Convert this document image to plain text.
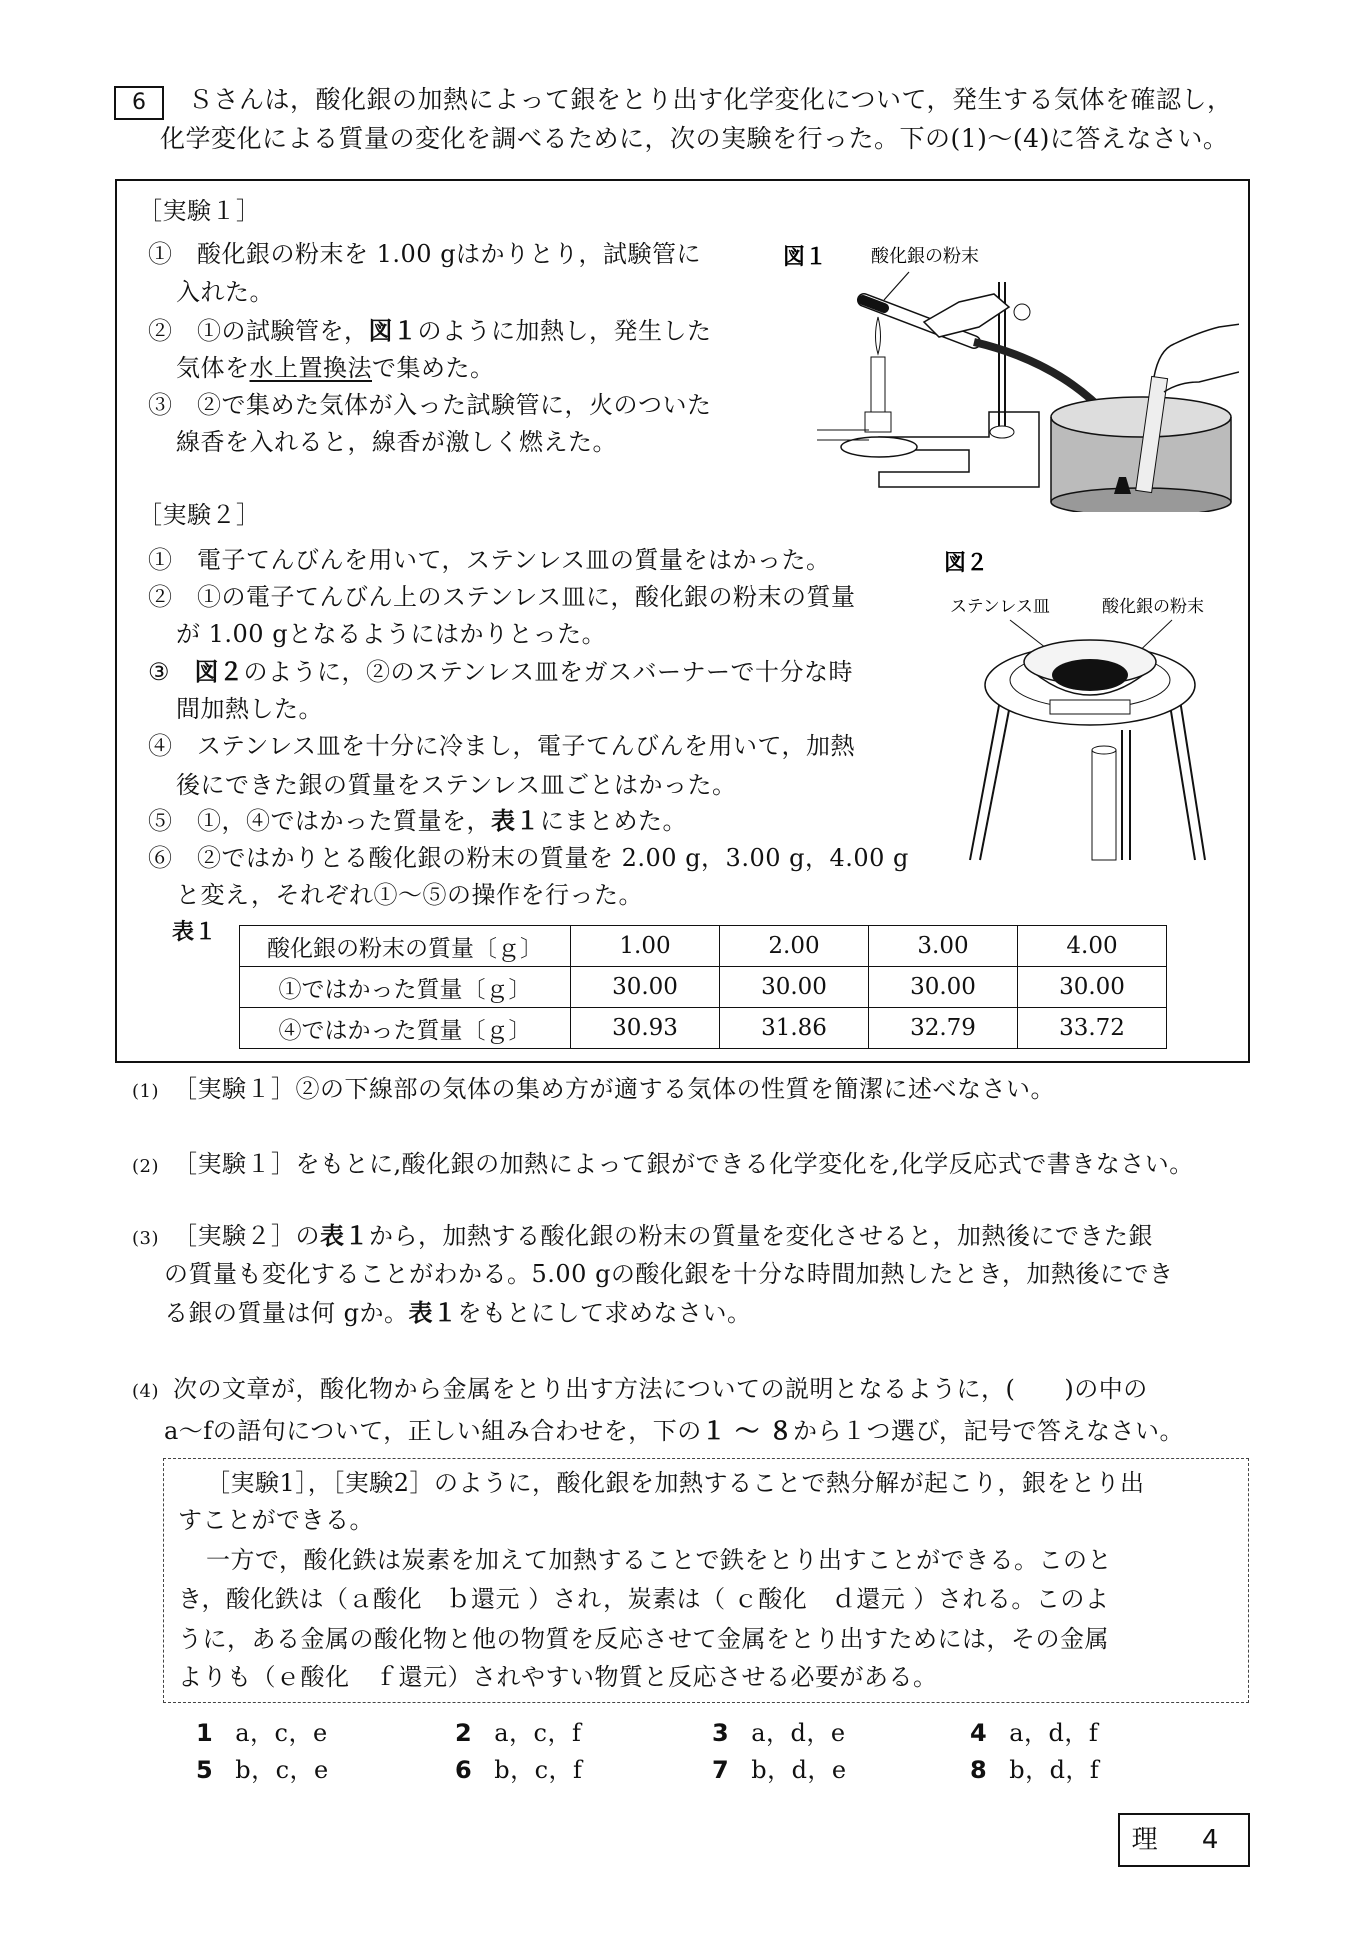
6	Ｓさんは，酸化銀の加熱によって銀をとり出す化学変化について，発生する気体を確認し，
化学変化による質量の変化を調べるために，次の実験を行った。下の(1)～(4)に答えなさい。
［実験１］
①　酸化銀の粉末を 1.00 gはかりとり，試験管に
入れた。
②　①の試験管を，図１のように加熱し，発生した
気体を水上置換法で集めた。
③　②で集めた気体が入った試験管に，火のついた
線香を入れると，線香が激しく燃えた。
図１ 酸化銀の粉末
［実験２］
①　電子てんびんを用いて，ステンレス皿の質量をはかった。
②　①の電子てんびん上のステンレス皿に，酸化銀の粉末の質量
が 1.00 gとなるようにはかりとった。
③　図２のように，②のステンレス皿をガスバーナーで十分な時
間加熱した。
④　ステンレス皿を十分に冷まし，電子てんびんを用いて，加熱
後にできた銀の質量をステンレス皿ごとはかった。
⑤　①，④ではかった質量を，表１にまとめた。
⑥　②ではかりとる酸化銀の粉末の質量を 2.00 g，3.00 g，4.00 g
と変え，それぞれ①～⑤の操作を行った。
図２
ステンレス皿	酸化銀の粉末
表１
酸化銀の粉末の質量〔ｇ〕	1.00	2.00	3.00	4.00
①ではかった質量〔ｇ〕	30.00	30.00	30.00	30.00
④ではかった質量〔ｇ〕	30.93	31.86	32.79	33.72
(1) ［実験１］②の下線部の気体の集め方が適する気体の性質を簡潔に述べなさい。
(2) ［実験１］をもとに,酸化銀の加熱によって銀ができる化学変化を,化学反応式で書きなさい。
(3) ［実験２］の表１から，加熱する酸化銀の粉末の質量を変化させると，加熱後にできた銀
の質量も変化することがわかる。5.00 gの酸化銀を十分な時間加熱したとき，加熱後にでき
る銀の質量は何 gか。表１をもとにして求めなさい。
(4) 次の文章が，酸化物から金属をとり出す方法についての説明となるように，(　　)の中の
a～fの語句について，正しい組み合わせを，下の１ ～ ８から１つ選び，記号で答えなさい。
［実験1］，［実験2］のように，酸化銀を加熱することで熱分解が起こり，銀をとり出
すことができる。
一方で，酸化鉄は炭素を加えて加熱することで鉄をとり出すことができる。このと
き，酸化鉄は（ａ酸化　ｂ還元 ）され，炭素は（ ｃ酸化　ｄ還元 ）される。このよ
うに，ある金属の酸化物と他の物質を反応させて金属をとり出すためには，その金属
よりも（ｅ酸化　ｆ還元）されやすい物質と反応させる必要がある。
1 a，c，e	2 a，c，f	3 a，d，e	4 a，d，f
5 b，c，e	6 b，c，f	7 b，d，e	8 b，d，f
理 4
